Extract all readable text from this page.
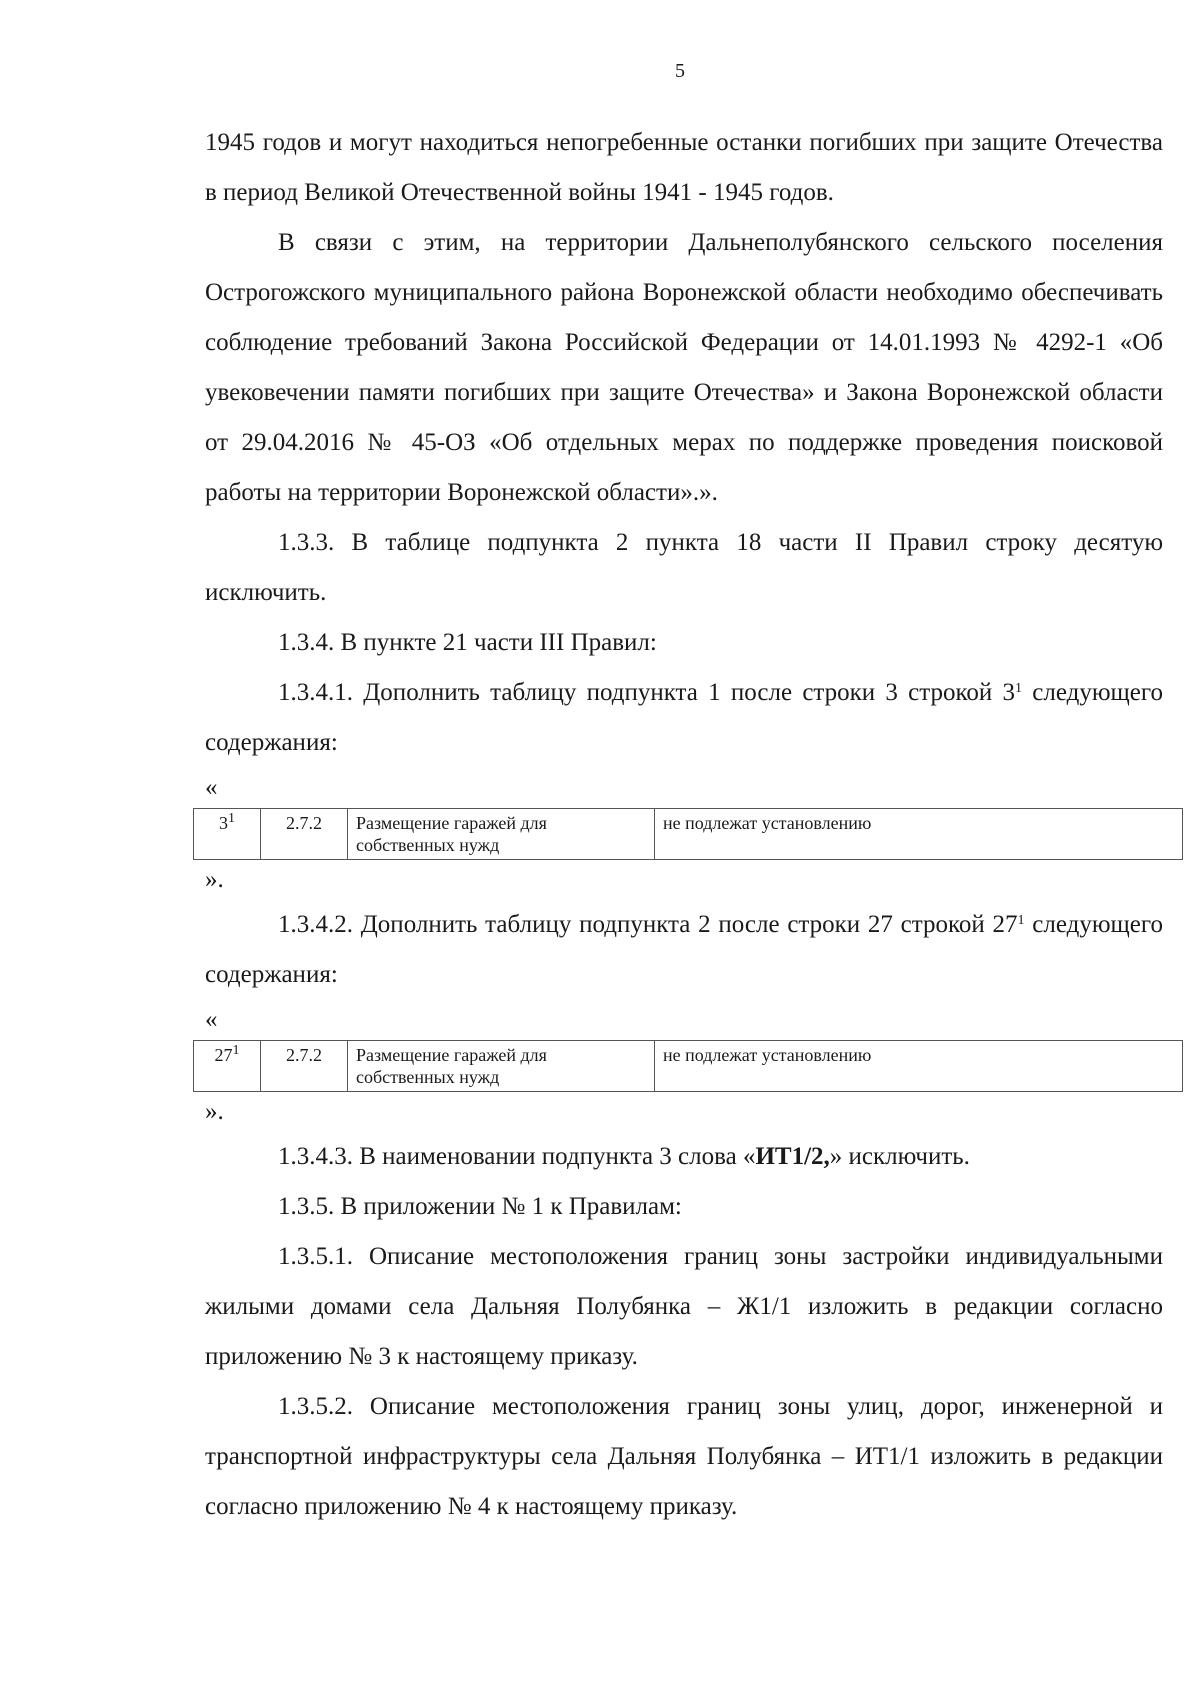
5

1945 годов и могут находиться непогребенные останки погибших при защите Отечества в период Великой Отечественной войны 1941 - 1945 годов.

В связи с этим, на территории Дальнеполубянского сельского поселения Острогожского муниципального района Воронежской области необходимо обеспечивать соблюдение требований Закона Российской Федерации от 14.01.1993 № 4292-1 «Об увековечении памяти погибших при защите Отечества» и Закона Воронежской области от 29.04.2016 № 45-ОЗ «Об отдельных мерах по поддержке проведения поисковой работы на территории Воронежской области».».

1.3.3. В таблице подпункта 2 пункта 18 части II Правил строку десятую исключить.

1.3.4. В пункте 21 части III Правил:

1.3.4.1. Дополнить таблицу подпункта 1 после строки 3 строкой $3^1$ следующего содержания:

«

$3^1$	2.7.2	Размещение гаражей для собственных нужд	не подлежат установлению

».

1.3.4.2. Дополнить таблицу подпункта 2 после строки 27 строкой $27^1$ следующего содержания:

«

$27^1$	2.7.2	Размещение гаражей для собственных нужд	не подлежат установлению

».

1.3.4.3. В наименовании подпункта 3 слова «ИТ1/2,» исключить.

1.3.5. В приложении № 1 к Правилам:

1.3.5.1. Описание местоположения границ зоны застройки индивидуальными жилыми домами села Дальняя Полубянка – Ж1/1 изложить в редакции согласно приложению № 3 к настоящему приказу.

1.3.5.2. Описание местоположения границ зоны улиц, дорог, инженерной и транспортной инфраструктуры села Дальняя Полубянка – ИТ1/1 изложить в редакции согласно приложению № 4 к настоящему приказу.
